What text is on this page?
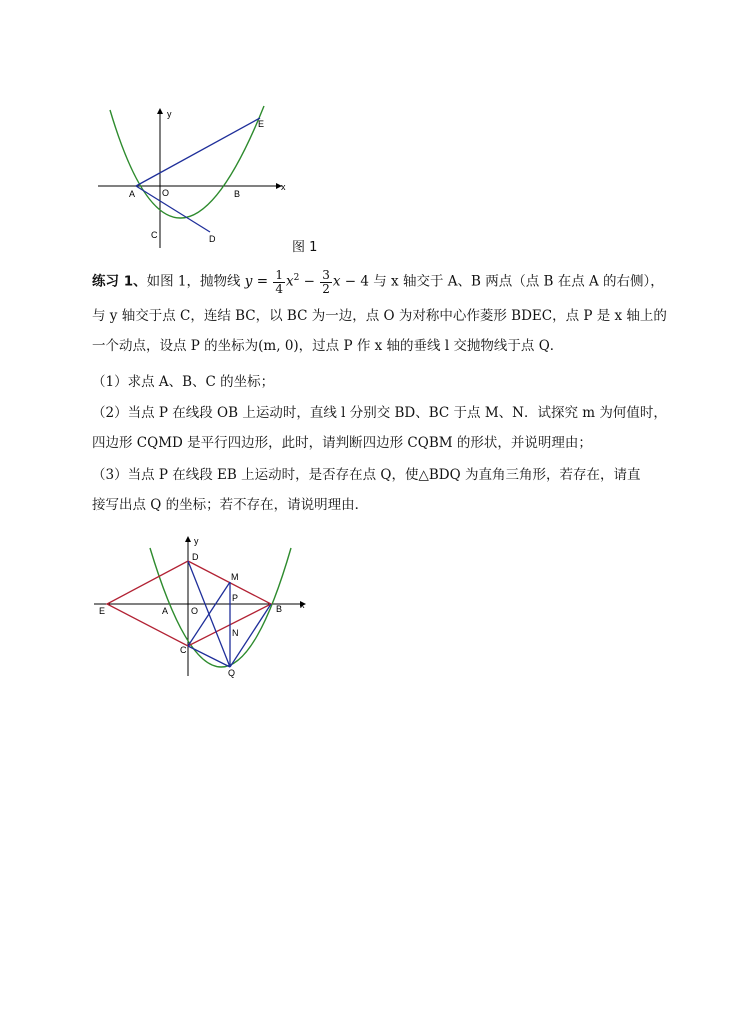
y
x
A	O	B
E
C	D
图 1
练习 1、如图 1，抛物线 $y = \frac{1}{4} x^2 - \frac{3}{2}$ x − 4 与 x 轴交于 A、B 两点（点 B 在点 A 的右侧），
与 y 轴交于点 C，连结 BC，以 BC 为一边，点 O 为对称中心作菱形 BDEC，点 P 是 x 轴上的
一个动点，设点 P 的坐标为(m, 0)，过点 P 作 x 轴的垂线 l 交抛物线于点 Q．
（1）求点 A、B、C 的坐标；
（2）当点 P 在线段 OB 上运动时，直线 l 分别交 BD、BC 于点 M、N．试探究 m 为何值时，
四边形 CQMD 是平行四边形，此时，请判断四边形 CQBM 的形状，并说明理由；
（3）当点 P 在线段 EB 上运动时，是否存在点 Q，使△BDQ 为直角三角形，若存在，请直
接写出点 Q 的坐标；若不存在，请说明理由．
y
x
D
M
P
E	A	O	B
N
C
Q
